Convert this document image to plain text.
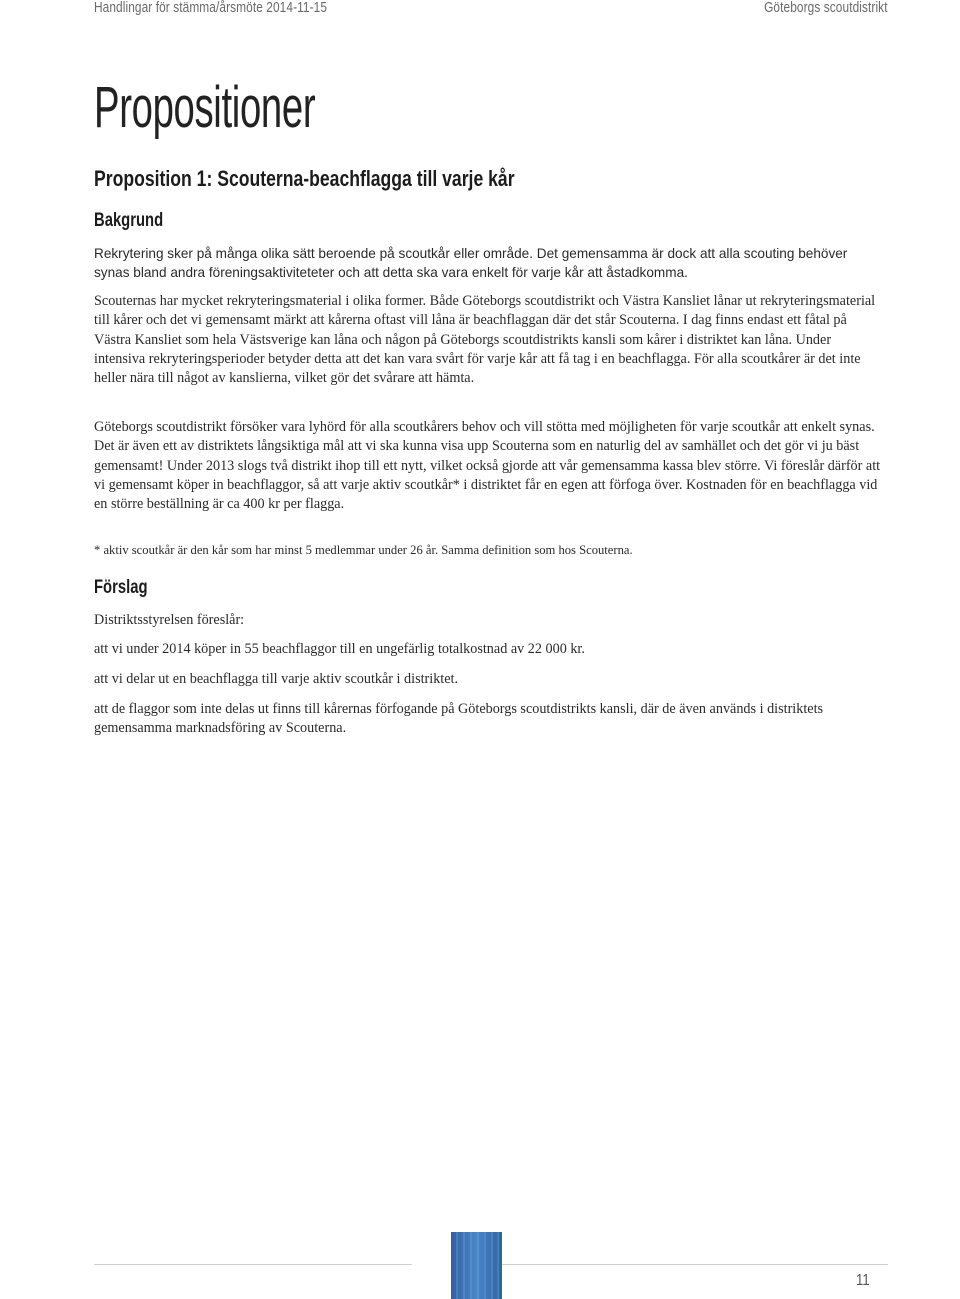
Handlingar för stämma/årsmöte 2014-11-15	Göteborgs scoutdistrikt
Propositioner
Proposition 1: Scouterna-beachflagga till varje kår
Bakgrund

Rekrytering sker på många olika sätt beroende på scoutkår eller område. Det gemensamma är dock att alla scouting behöver synas bland andra föreningsaktiviteteter och att detta ska vara enkelt för varje kår att åstadkomma.

Scouternas har mycket rekryteringsmaterial i olika former. Både Göteborgs scoutdistrikt och Västra Kansliet lånar ut rekryteringsmaterial till kårer och det vi gemensamt märkt att kårerna oftast vill låna är beachflaggan där det står Scouterna. I dag finns endast ett fåtal på Västra Kansliet som hela Västsverige kan låna och någon på Göteborgs scoutdistrikts kansli som kårer i distriktet kan låna. Under intensiva rekryteringsperioder betyder detta att det kan vara svårt för varje kår att få tag i en beachflagga. För alla scoutkårer är det inte heller nära till något av kanslierna, vilket gör det svårare att hämta.

Göteborgs scoutdistrikt försöker vara lyhörd för alla scoutkårers behov och vill stötta med möjligheten för varje scoutkår att enkelt synas. Det är även ett av distriktets långsiktiga mål att vi ska kunna visa upp Scouterna som en naturlig del av samhället och det gör vi ju bäst gemensamt! Under 2013 slogs två distrikt ihop till ett nytt, vilket också gjorde att vår gemensamma kassa blev större. Vi föreslår därför att vi gemensamt köper in beachflaggor, så att varje aktiv scoutkår* i distriktet får en egen att förfoga över. Kostnaden för en beachflagga vid en större beställning är ca 400 kr per flagga.

* aktiv scoutkår är den kår som har minst 5 medlemmar under 26 år. Samma definition som hos Scouterna.

Förslag

Distriktsstyrelsen föreslår:

att vi under 2014 köper in 55 beachflaggor till en ungefärlig totalkostnad av 22 000 kr.

att vi delar ut en beachflagga till varje aktiv scoutkår i distriktet.

att de flaggor som inte delas ut finns till kårernas förfogande på Göteborgs scoutdistrikts kansli, där de även används i distriktets gemensamma marknadsföring av Scouterna.

11
